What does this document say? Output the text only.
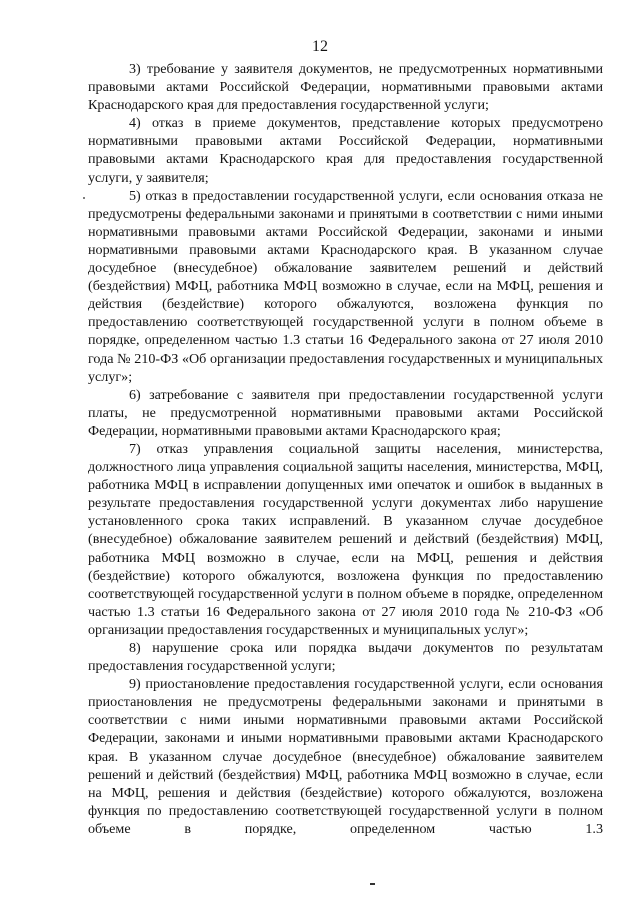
12

3) требование у заявителя документов, не предусмотренных нормативными правовыми актами Российской Федерации, нормативными правовыми актами Краснодарского края для предоставления государственной услуги;

4) отказ в приеме документов, представление которых предусмотрено нормативными правовыми актами Российской Федерации, нормативными правовыми актами Краснодарского края для предоставления государственной услуги, у заявителя;

5) отказ в предоставлении государственной услуги, если основания отказа не предусмотрены федеральными законами и принятыми в соответствии с ними иными нормативными правовыми актами Российской Федерации, законами и иными нормативными правовыми актами Краснодарского края. В указанном случае досудебное (внесудебное) обжалование заявителем решений и действий (бездействия) МФЦ, работника МФЦ возможно в случае, если на МФЦ, решения и действия (бездействие) которого обжалуются, возложена функция по предоставлению соответствующей государственной услуги в полном объеме в порядке, определенном частью 1.3 статьи 16 Федерального закона от 27 июля 2010 года № 210-ФЗ «Об организации предоставления государственных и муниципальных услуг»;

6) затребование с заявителя при предоставлении государственной услуги платы, не предусмотренной нормативными правовыми актами Российской Федерации, нормативными правовыми актами Краснодарского края;

7) отказ управления социальной защиты населения, министерства, должностного лица управления социальной защиты населения, министерства, МФЦ, работника МФЦ в исправлении допущенных ими опечаток и ошибок в выданных в результате предоставления государственной услуги документах либо нарушение установленного срока таких исправлений. В указанном случае досудебное (внесудебное) обжалование заявителем решений и действий (бездействия) МФЦ, работника МФЦ возможно в случае, если на МФЦ, решения и действия (бездействие) которого обжалуются, возложена функция по предоставлению соответствующей государственной услуги в полном объеме в порядке, определенном частью 1.3 статьи 16 Федерального закона от 27 июля 2010 года № 210-ФЗ «Об организации предоставления государственных и муниципальных услуг»;

8) нарушение срока или порядка выдачи документов по результатам предоставления государственной услуги;

9) приостановление предоставления государственной услуги, если основания приостановления не предусмотрены федеральными законами и принятыми в соответствии с ними иными нормативными правовыми актами Российской Федерации, законами и иными нормативными правовыми актами Краснодарского края. В указанном случае досудебное (внесудебное) обжалование заявителем решений и действий (бездействия) МФЦ, работника МФЦ возможно в случае, если на МФЦ, решения и действия (бездействие) которого обжалуются, возложена функция по предоставлению соответствующей государственной услуги в полном объеме в порядке, определенном частью 1.3
